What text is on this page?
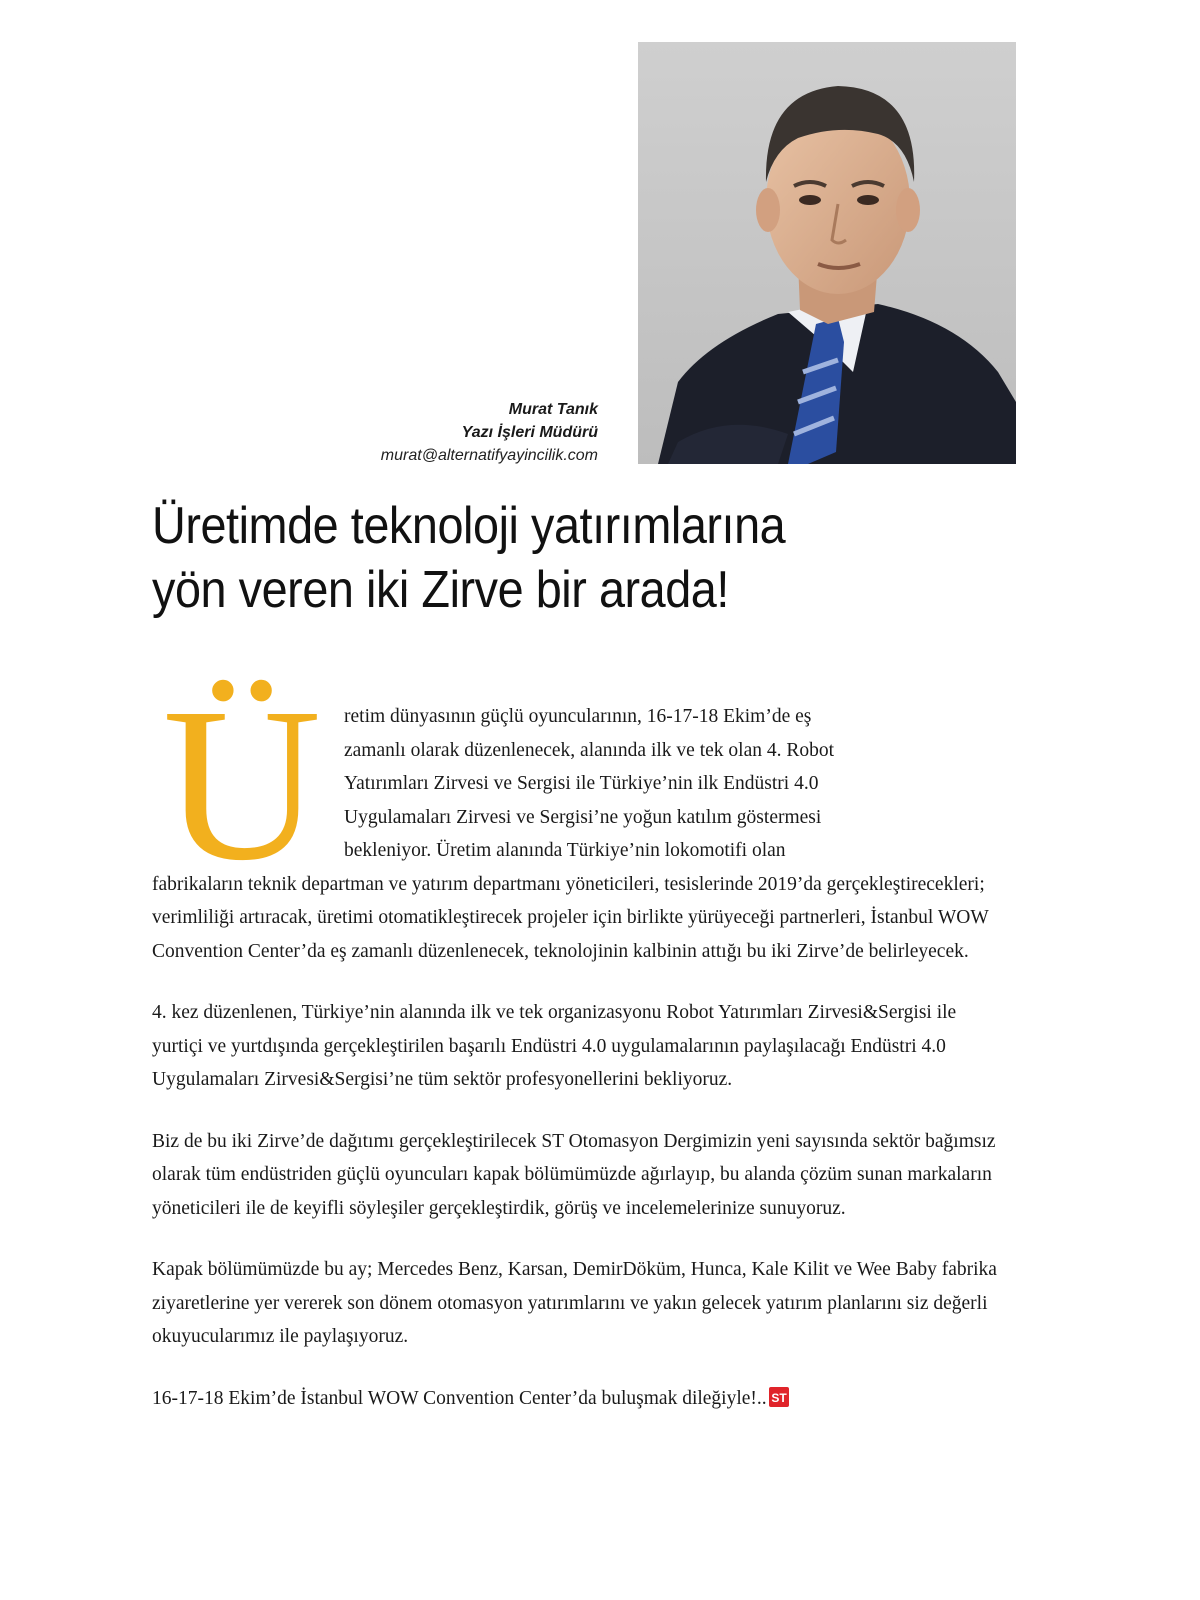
Murat Tanık
Yazı İşleri Müdürü
murat@alternatifyayincilik.com
Üretimde teknoloji yatırımlarına
yön veren iki Zirve bir arada!
Ü retim dünyasının güçlü oyuncularının, 16-17-18 Ekim’de eş
zamanlı olarak düzenlenecek, alanında ilk ve tek olan 4. Robot
Yatırımları Zirvesi ve Sergisi ile Türkiye’nin ilk Endüstri 4.0
Uygulamaları Zirvesi ve Sergisi’ne yoğun katılım göstermesi
bekleniyor. Üretim alanında Türkiye’nin lokomotifi olan

fabrikaların teknik departman ve yatırım departmanı yöneticileri, tesislerinde 2019’da gerçekleştirecekleri; verimliliği artıracak, üretimi otomatikleştirecek projeler için birlikte yürüyeceği partnerleri, İstanbul WOW Convention Center’da eş zamanlı düzenlenecek, teknolojinin kalbinin attığı bu iki Zirve’de belirleyecek.

4. kez düzenlenen, Türkiye’nin alanında ilk ve tek organizasyonu Robot Yatırımları Zirvesi&Sergisi ile yurtiçi ve yurtdışında gerçekleştirilen başarılı Endüstri 4.0 uygulamalarının paylaşılacağı Endüstri 4.0 Uygulamaları Zirvesi&Sergisi’ne tüm sektör profesyonellerini bekliyoruz.

Biz de bu iki Zirve’de dağıtımı gerçekleştirilecek ST Otomasyon Dergimizin yeni sayısında sektör bağımsız olarak tüm endüstriden güçlü oyuncuları kapak bölümümüzde ağırlayıp, bu alanda çözüm sunan markaların yöneticileri ile de keyifli söyleşiler gerçekleştirdik, görüş ve incelemelerinize sunuyoruz.

Kapak bölümümüzde bu ay; Mercedes Benz, Karsan, DemirDöküm, Hunca, Kale Kilit ve Wee Baby fabrika ziyaretlerine yer vererek son dönem otomasyon yatırımlarını ve yakın gelecek yatırım planlarını siz değerli okuyucularımız ile paylaşıyoruz.

16-17-18 Ekim’de İstanbul WOW Convention Center’da buluşmak dileğiyle!.. ST
